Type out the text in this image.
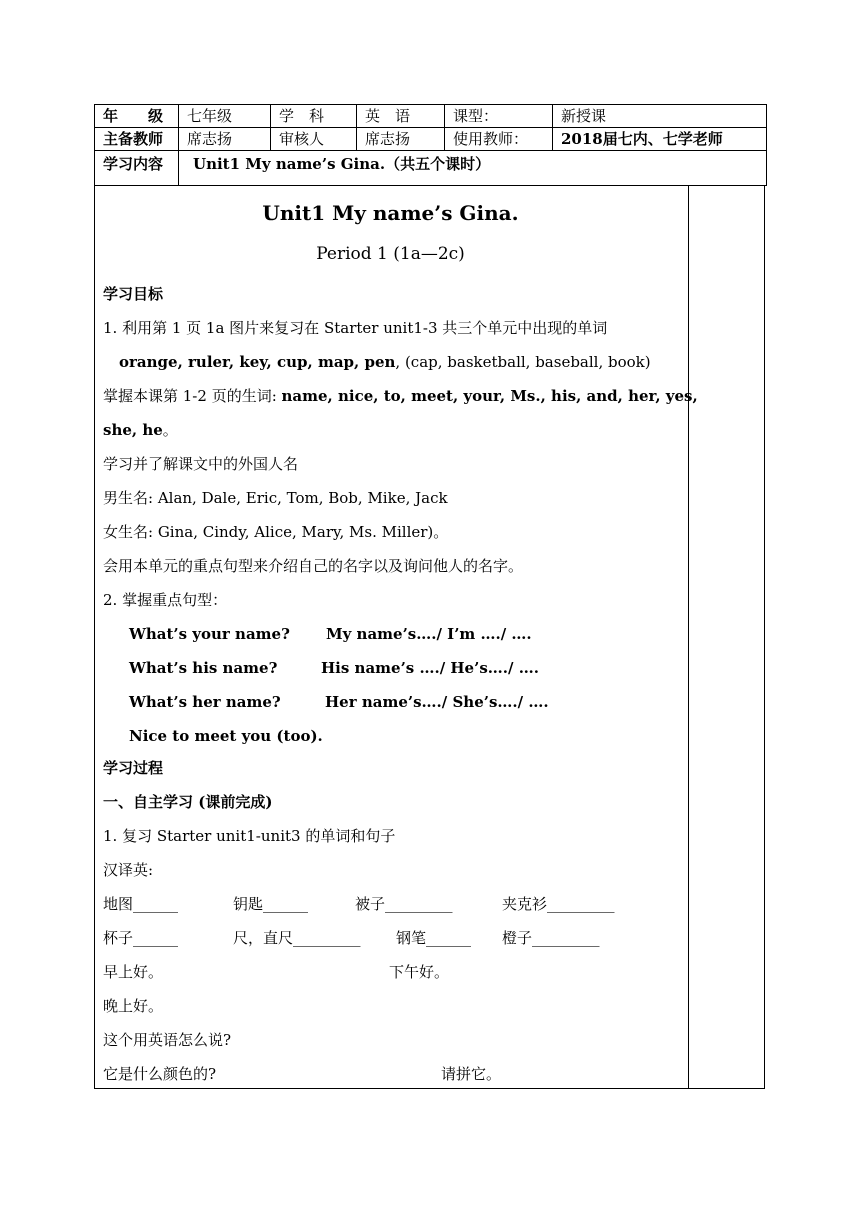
年　　级	七年级	学　科	英　语	课型：	新授课
主备教师	席志扬	审核人	席志扬	使用教师：	2018届七内、七学老师
学习内容	Unit1 My name’s Gina.（共五个课时）				
Unit1 My name’s Gina.
Period 1 (1a—2c)
学习目标
1. 利用第 1 页 1a 图片来复习在 Starter unit1-3 共三个单元中出现的单词
orange, ruler, key, cup, map, pen, (cap, basketball, baseball, book)
掌握本课第 1-2 页的生词: name, nice, to, meet, your, Ms., his, and, her, yes,
she, he。
学习并了解课文中的外国人名
男生名: Alan, Dale, Eric, Tom, Bob, Mike, Jack
女生名: Gina, Cindy, Alice, Mary, Ms. Miller)。
会用本单元的重点句型来介绍自己的名字以及询问他人的名字。
2. 掌握重点句型：
What’s your name? My name’s…./ I’m …./ ….
What’s his name?	His name’s …./ He’s…./ ….
What’s her name?	Her name’s…./ She’s…./ ….
Nice to meet you (too).
学习过程
一、自主学习 (课前完成)
1. 复习 Starter unit1-unit3 的单词和句子
汉译英:
地图______	钥匙______	被子_________	夹克衫_________
杯子______	尺，直尺_________ 钢笔______ 橙子_________
早上好。	下午好。
晚上好。
这个用英语怎么说?
它是什么颜色的?	请拼它。
